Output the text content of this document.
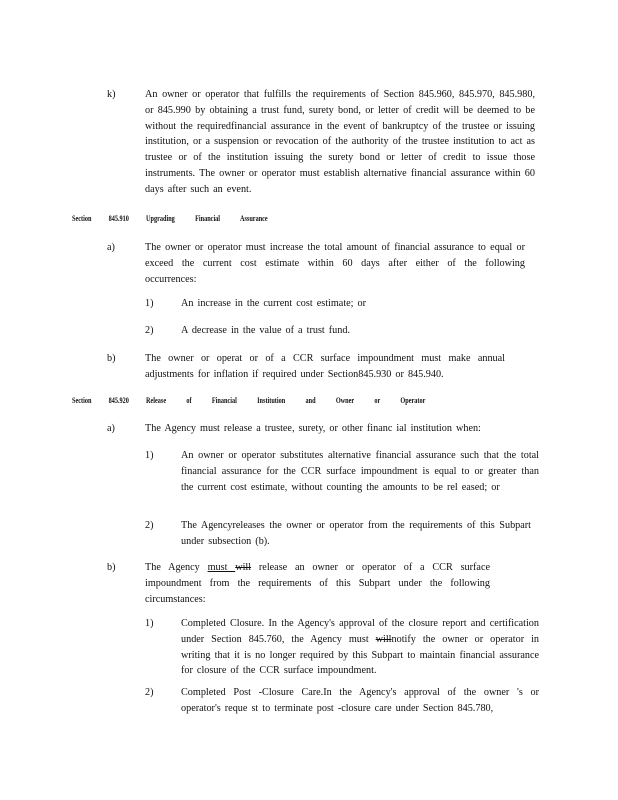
k)	An owner or operator that fulfills the requirements of Section 845.960, 845.970, 845.980, or 845.990 by obtaining a trust fund, surety bond, or letter of credit will be deemed to be without the requiredfinancial assurance in the event of bankruptcy of the trustee or issuing institution, or a suspension or revocation of the authority of the trustee institution to act as trustee or of the institution issuing the surety bond or letter of credit to issue those instruments. The owner or operator must establish alternative financial assurance within 60 days after such an event.
Section 845.910 Upgrading Financial Assurance
a)	The owner or operator must increase the total amount of financial assurance to equal or exceed the current cost estimate within 60 days after either of the following occurrences:
1)	An increase in the current cost estimate; or
2)	A decrease in the value of a trust fund.
b)	The owner or operat or of a CCR surface impoundment must make annual adjustments for inflation if required under Section845.930 or 845.940.
Section 845.920 Release of Financial Institution and Owner or Operator
a)	The Agency must release a trustee, surety, or other financ ial institution when:
1)	An owner or operator substitutes alternative financial assurance such that the total financial assurance for the CCR surface impoundment is equal to or greater than the current cost estimate, without counting the amounts to be rel eased; or
2)	The Agencyreleases the owner or operator from the requirements of this Subpart under subsection (b).
b)	The Agency must will release an owner or operator of a CCR surface impoundment from the requirements of this Subpart under the following circumstances:
1)	Completed Closure. In the Agency's approval of the closure report and certification under Section 845.760, the Agency must willnotify the owner or operator in writing that it is no longer required by this Subpart to maintain financial assurance for closure of the CCR surface impoundment.
2)	Completed Post -Closure Care.In the Agency's approval of the owner 's or operator's reque st to terminate post -closure care under Section 845.780,
